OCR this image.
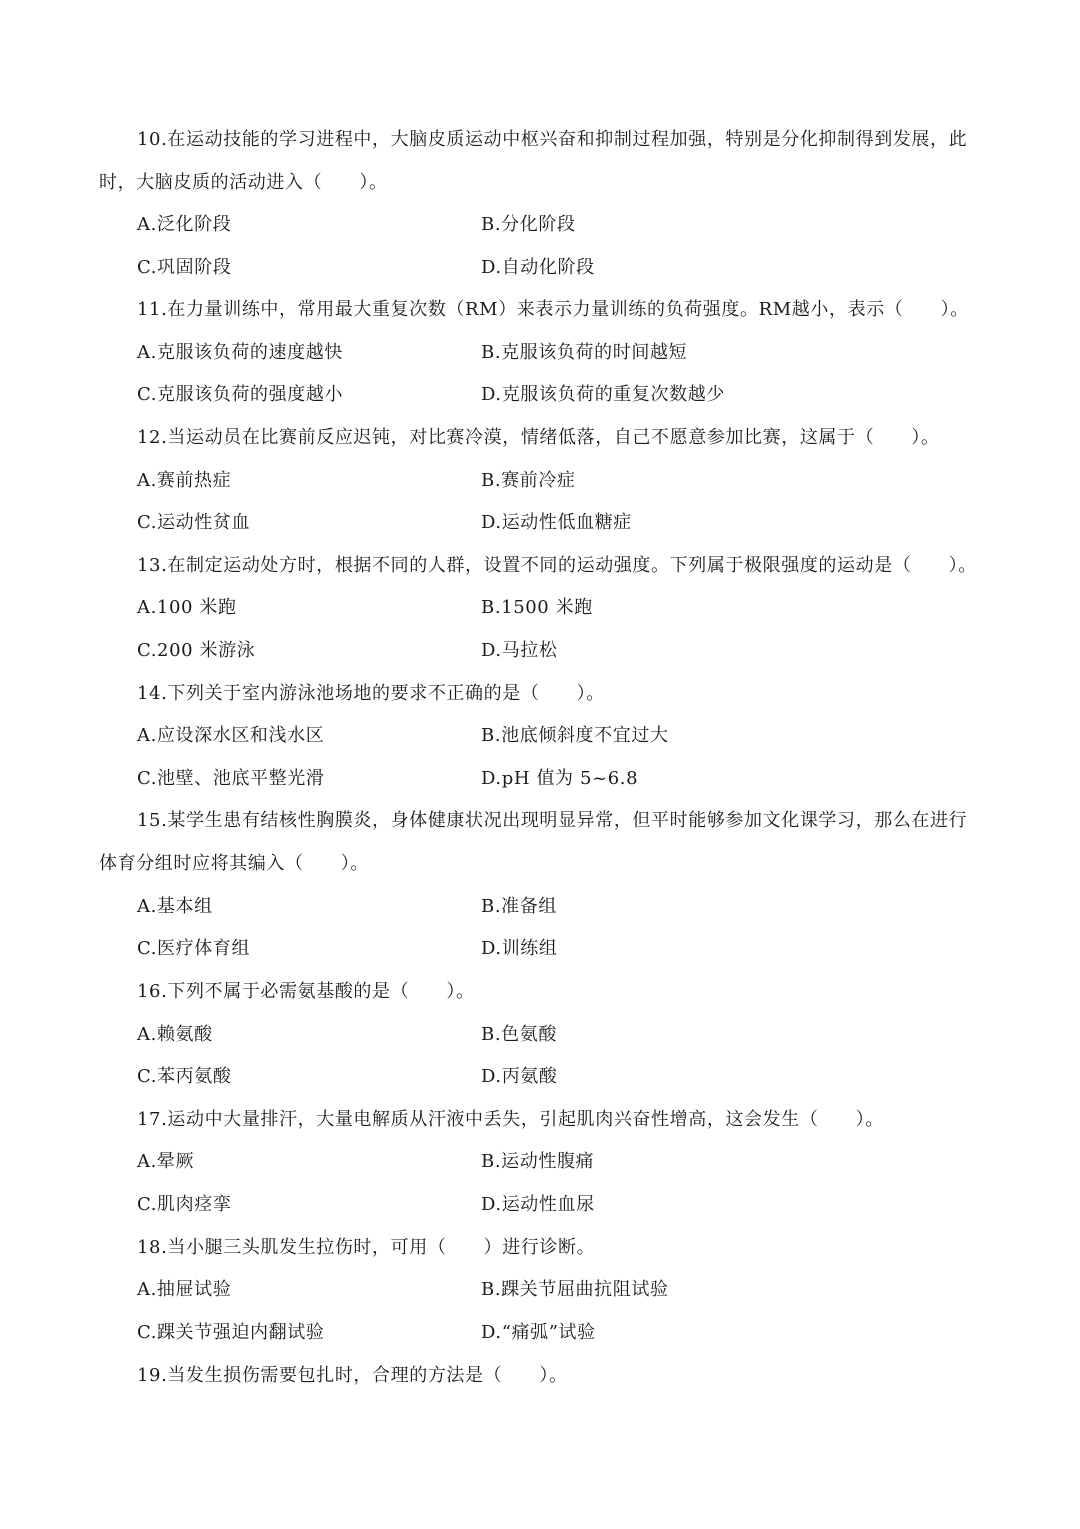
10.在运动技能的学习进程中，大脑皮质运动中枢兴奋和抑制过程加强，特别是分化抑制得到发展，此
时，大脑皮质的活动进入（　　）。
A.泛化阶段	B.分化阶段
C.巩固阶段	D.自动化阶段
11.在力量训练中，常用最大重复次数（RM）来表示力量训练的负荷强度。RM越小，表示（　　）。
A.克服该负荷的速度越快	B.克服该负荷的时间越短
C.克服该负荷的强度越小	D.克服该负荷的重复次数越少
12.当运动员在比赛前反应迟钝，对比赛冷漠，情绪低落，自己不愿意参加比赛，这属于（　　）。
A.赛前热症	B.赛前冷症
C.运动性贫血	D.运动性低血糖症
13.在制定运动处方时，根据不同的人群，设置不同的运动强度。下列属于极限强度的运动是（　　）。
A.100 米跑	B.1500 米跑
C.200 米游泳	D.马拉松
14.下列关于室内游泳池场地的要求不正确的是（　　）。
A.应设深水区和浅水区	B.池底倾斜度不宜过大
C.池壁、池底平整光滑	D.pH 值为 5~6.8
15.某学生患有结核性胸膜炎，身体健康状况出现明显异常，但平时能够参加文化课学习，那么在进行
体育分组时应将其编入（　　）。
A.基本组	B.准备组
C.医疗体育组	D.训练组
16.下列不属于必需氨基酸的是（　　）。
A.赖氨酸	B.色氨酸
C.苯丙氨酸	D.丙氨酸
17.运动中大量排汗，大量电解质从汗液中丢失，引起肌肉兴奋性增高，这会发生（　　）。
A.晕厥	B.运动性腹痛
C.肌肉痉挛	D.运动性血尿
18.当小腿三头肌发生拉伤时，可用（　　）进行诊断。
A.抽屉试验	B.踝关节屈曲抗阻试验
C.踝关节强迫内翻试验	D.“痛弧”试验
19.当发生损伤需要包扎时，合理的方法是（　　）。
